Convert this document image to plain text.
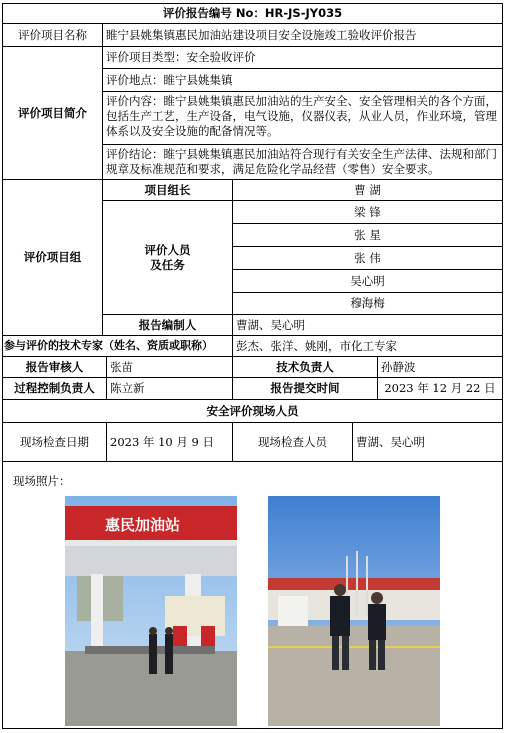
评价报告编号 No：HR-JS-JY035
评价项目名称	睢宁县姚集镇惠民加油站建设项目安全设施竣工验收评价报告
评价项目简介
评价项目类型：安全验收评价
评价地点：睢宁县姚集镇
评价内容：睢宁县姚集镇惠民加油站的生产安全、安全管理相关的各个方面，包括生产工艺，生产设备，电气设施，仪器仪表，从业人员，作业环境，管理体系以及安全设施的配备情况等。
评价结论：睢宁县姚集镇惠民加油站符合现行有关安全生产法律、法规和部门规章及标准规范和要求，满足危险化学品经营（零售）安全要求。
评价项目组
项目组长	曹 湖
评价人员
及任务
梁 锋
张 星
张 伟
吴心明
穆海梅
报告编制人	曹湖、吴心明
参与评价的技术专家（姓名、资质或职称）	彭杰、张洋、姚刚，市化工专家
报告审核人	张苗	技术负责人	孙静波
过程控制负责人	陈立新	报告提交时间	2023 年 12 月 22 日
安全评价现场人员
现场检查日期	2023 年 10 月 9 日	现场检查人员	曹湖、吴心明
现场照片：
惠民加油站
